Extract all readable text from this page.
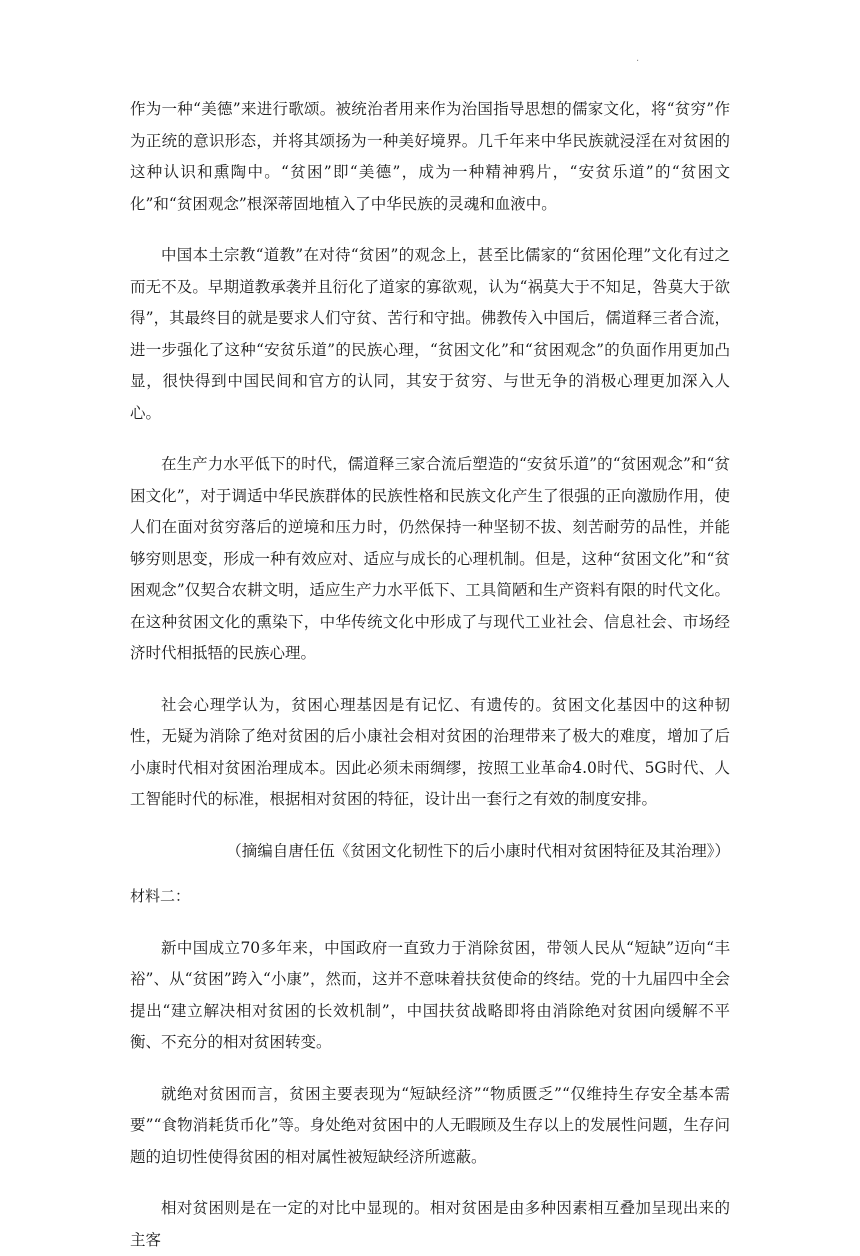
·

作为一种“美德”来进行歌颂。被统治者用来作为治国指导思想的儒家文化，将“贫穷”作为正统的意识形态，并将其颂扬为一种美好境界。几千年来中华民族就浸淫在对贫困的这种认识和熏陶中。“贫困”即“美德”，成为一种精神鸦片，“安贫乐道”的“贫困文化”和“贫困观念”根深蒂固地植入了中华民族的灵魂和血液中。

中国本土宗教“道教”在对待“贫困”的观念上，甚至比儒家的“贫困伦理”文化有过之而无不及。早期道教承袭并且衍化了道家的寡欲观，认为“祸莫大于不知足，咎莫大于欲得”，其最终目的就是要求人们守贫、苦行和守拙。佛教传入中国后，儒道释三者合流，进一步强化了这种“安贫乐道”的民族心理，“贫困文化”和“贫困观念”的负面作用更加凸显，很快得到中国民间和官方的认同，其安于贫穷、与世无争的消极心理更加深入人心。

在生产力水平低下的时代，儒道释三家合流后塑造的“安贫乐道”的“贫困观念”和“贫困文化”，对于调适中华民族群体的民族性格和民族文化产生了很强的正向激励作用，使人们在面对贫穷落后的逆境和压力时，仍然保持一种坚韧不拔、刻苦耐劳的品性，并能够穷则思变，形成一种有效应对、适应与成长的心理机制。但是，这种“贫困文化”和“贫困观念”仅契合农耕文明，适应生产力水平低下、工具简陋和生产资料有限的时代文化。在这种贫困文化的熏染下，中华传统文化中形成了与现代工业社会、信息社会、市场经济时代相抵牾的民族心理。

社会心理学认为，贫困心理基因是有记忆、有遗传的。贫困文化基因中的这种韧性，无疑为消除了绝对贫困的后小康社会相对贫困的治理带来了极大的难度，增加了后小康时代相对贫困治理成本。因此必须未雨绸缪，按照工业革命4.0时代、5G时代、人工智能时代的标准，根据相对贫困的特征，设计出一套行之有效的制度安排。

（摘编自唐任伍《贫困文化韧性下的后小康时代相对贫困特征及其治理》）

材料二：

新中国成立70多年来，中国政府一直致力于消除贫困，带领人民从“短缺”迈向“丰裕”、从“贫困”跨入“小康”，然而，这并不意味着扶贫使命的终结。党的十九届四中全会提出“建立解决相对贫困的长效机制”，中国扶贫战略即将由消除绝对贫困向缓解不平衡、不充分的相对贫困转变。

就绝对贫困而言，贫困主要表现为“短缺经济”“物质匮乏”“仅维持生存安全基本需要”“食物消耗货币化”等。身处绝对贫困中的人无暇顾及生存以上的发展性问题，生存问题的迫切性使得贫困的相对属性被短缺经济所遮蔽。

相对贫困则是在一定的对比中显现的。相对贫困是由多种因素相互叠加呈现出来的主客
